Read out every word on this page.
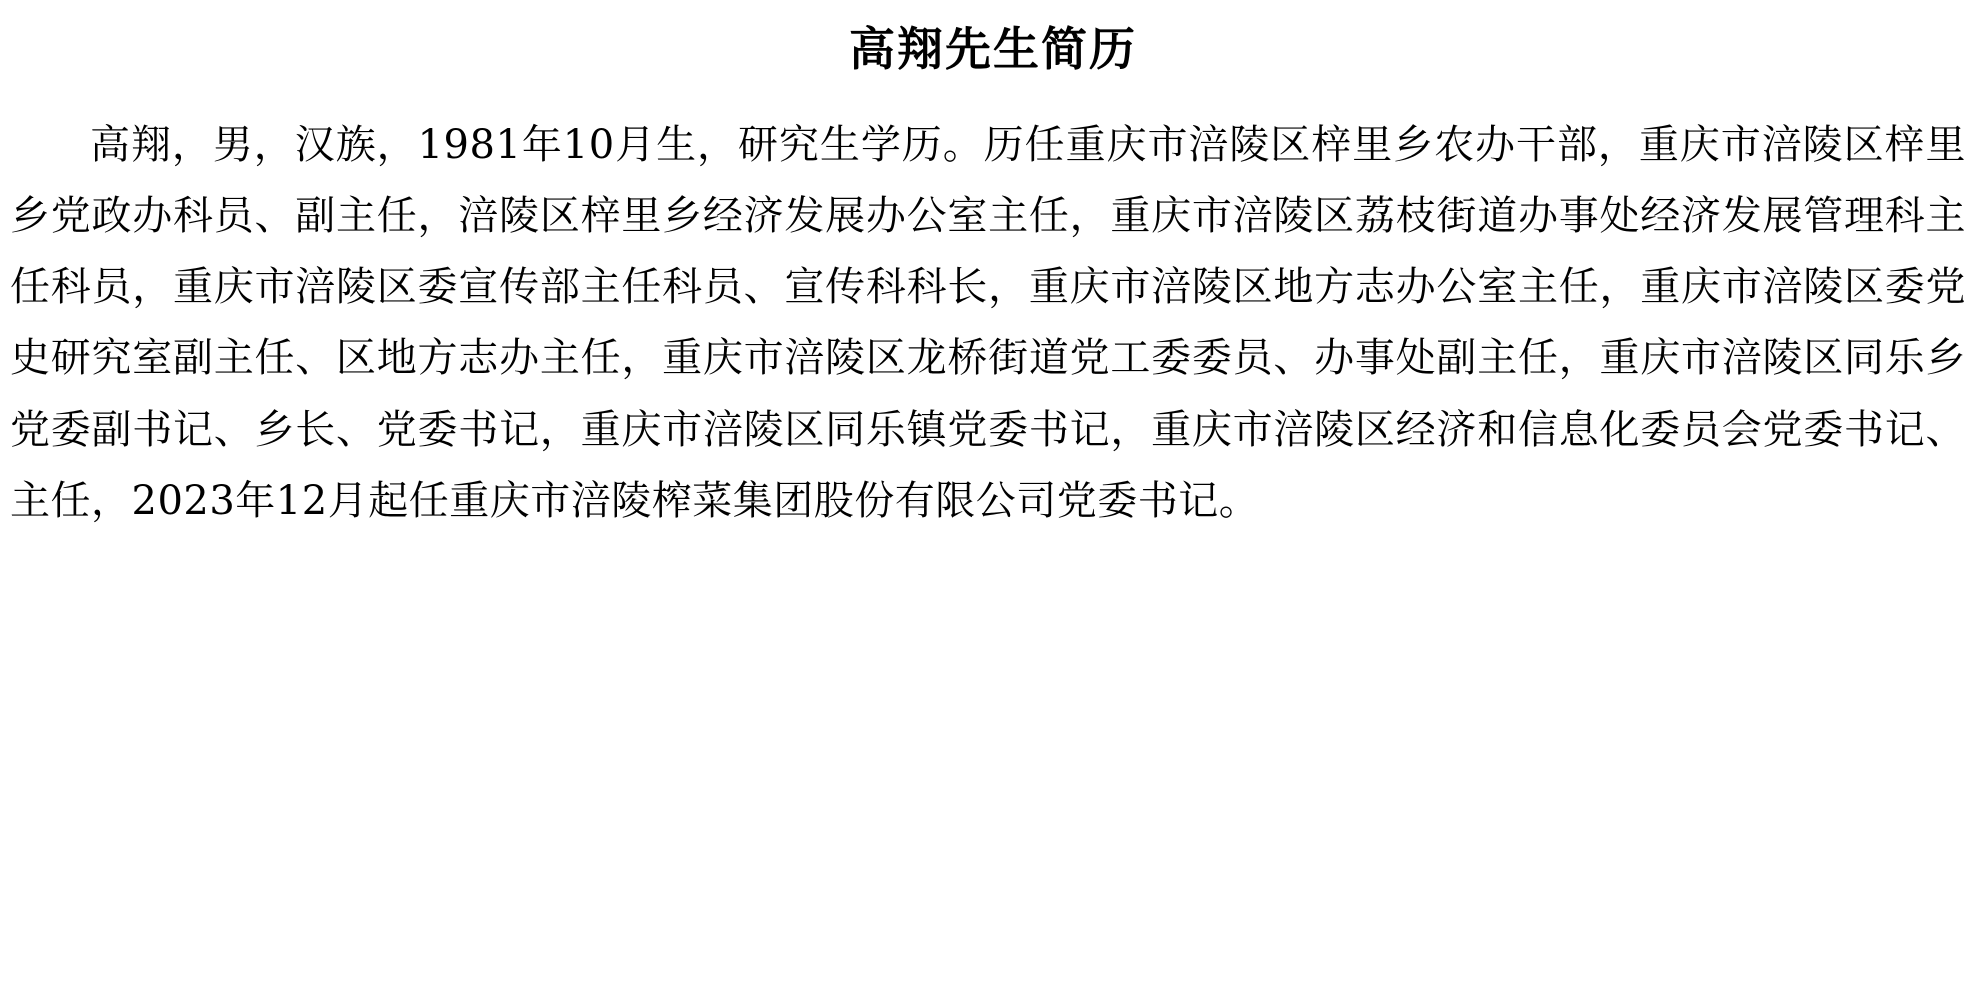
高翔先生简历

高翔，男，汉族，1981年10月生，研究生学历。历任重庆市涪陵区梓里乡农办干部，重庆市涪陵区梓里乡党政办科员、副主任，涪陵区梓里乡经济发展办公室主任，重庆市涪陵区荔枝街道办事处经济发展管理科主任科员，重庆市涪陵区委宣传部主任科员、宣传科科长，重庆市涪陵区地方志办公室主任，重庆市涪陵区委党史研究室副主任、区地方志办主任，重庆市涪陵区龙桥街道党工委委员、办事处副主任，重庆市涪陵区同乐乡党委副书记、乡长、党委书记，重庆市涪陵区同乐镇党委书记，重庆市涪陵区经济和信息化委员会党委书记、主任，2023年12月起任重庆市涪陵榨菜集团股份有限公司党委书记。
